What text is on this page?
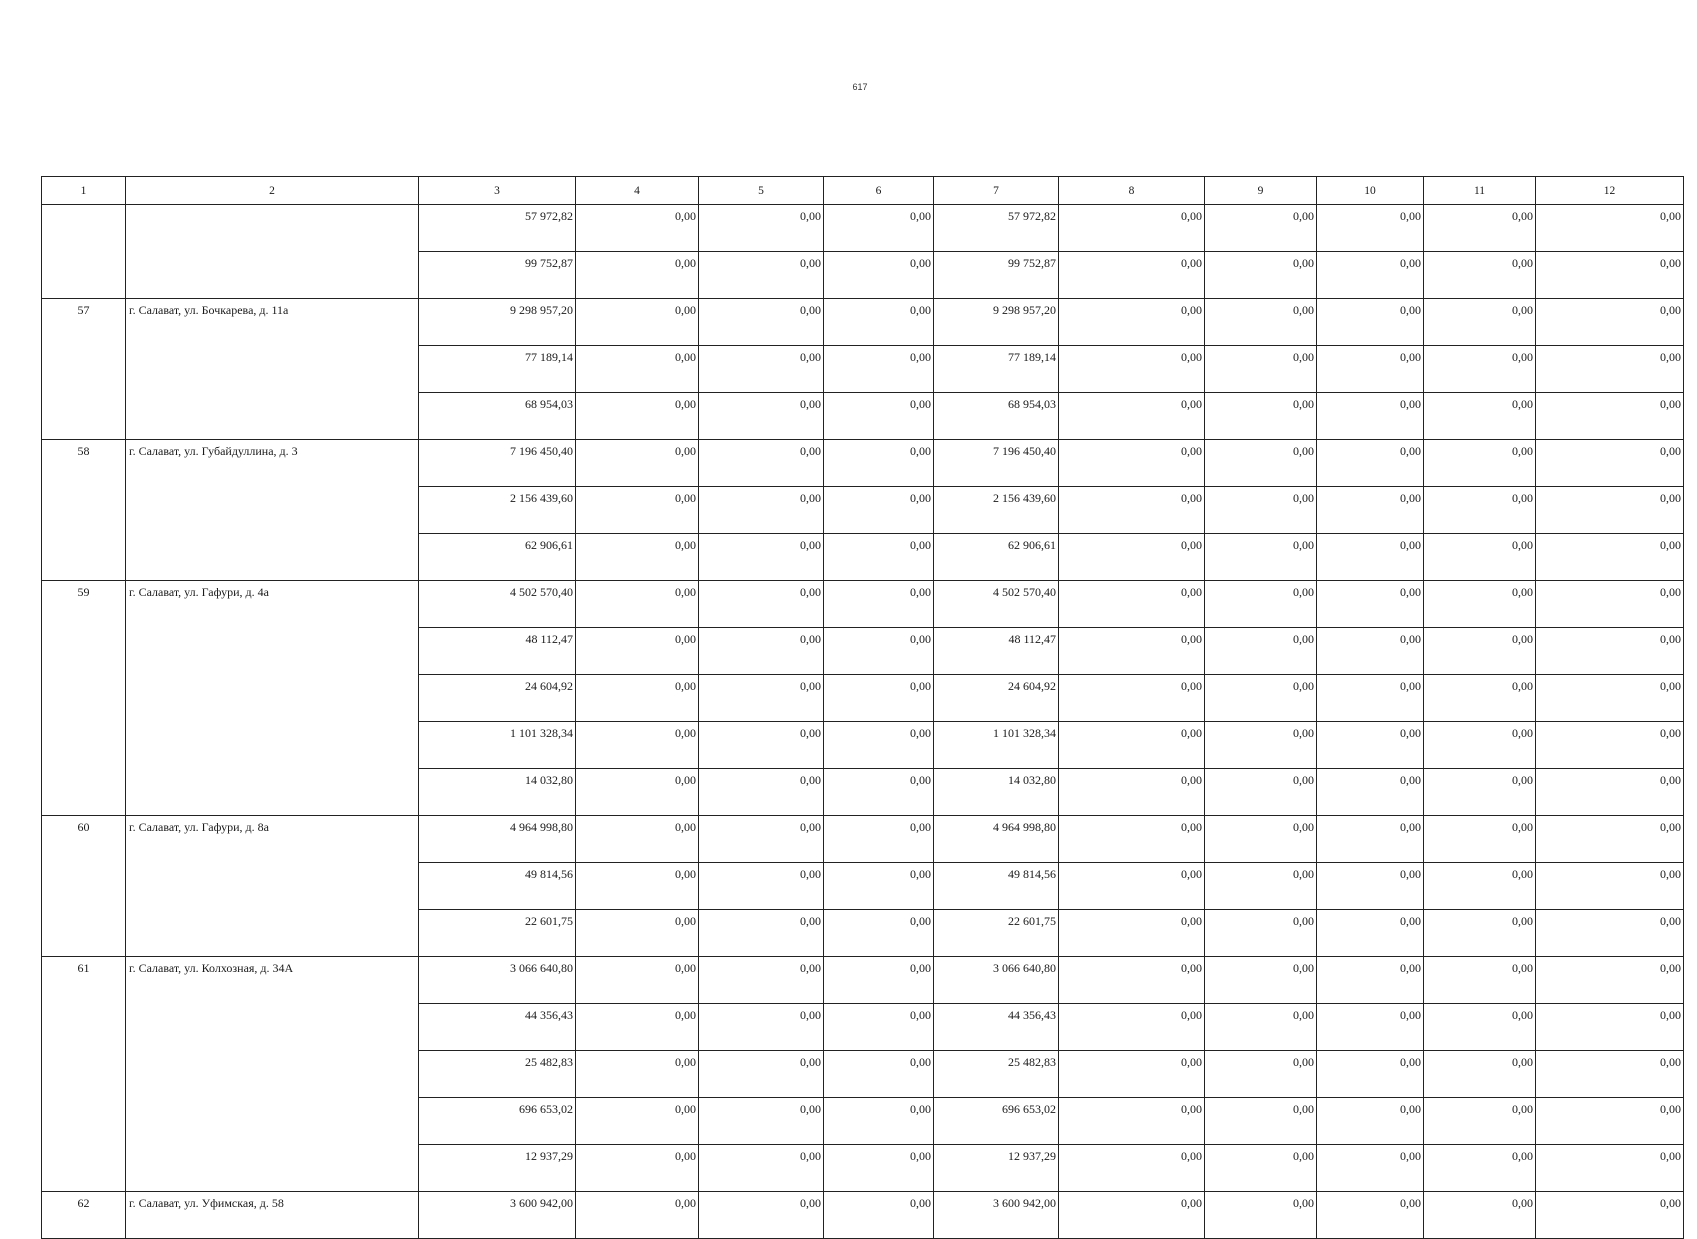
617
1	2	3	4	5	6	7	8	9	10	11	12
		57 972,82	0,00	0,00	0,00	57 972,82	0,00	0,00	0,00	0,00	0,00
		99 752,87	0,00	0,00	0,00	99 752,87	0,00	0,00	0,00	0,00	0,00
57	г. Салават, ул. Бочкарева, д. 11а	9 298 957,20	0,00	0,00	0,00	9 298 957,20	0,00	0,00	0,00	0,00	0,00
		77 189,14	0,00	0,00	0,00	77 189,14	0,00	0,00	0,00	0,00	0,00
		68 954,03	0,00	0,00	0,00	68 954,03	0,00	0,00	0,00	0,00	0,00
58	г. Салават, ул. Губайдуллина, д. 3	7 196 450,40	0,00	0,00	0,00	7 196 450,40	0,00	0,00	0,00	0,00	0,00
		2 156 439,60	0,00	0,00	0,00	2 156 439,60	0,00	0,00	0,00	0,00	0,00
		62 906,61	0,00	0,00	0,00	62 906,61	0,00	0,00	0,00	0,00	0,00
59	г. Салават, ул. Гафури, д. 4а	4 502 570,40	0,00	0,00	0,00	4 502 570,40	0,00	0,00	0,00	0,00	0,00
		48 112,47	0,00	0,00	0,00	48 112,47	0,00	0,00	0,00	0,00	0,00
		24 604,92	0,00	0,00	0,00	24 604,92	0,00	0,00	0,00	0,00	0,00
		1 101 328,34	0,00	0,00	0,00	1 101 328,34	0,00	0,00	0,00	0,00	0,00
		14 032,80	0,00	0,00	0,00	14 032,80	0,00	0,00	0,00	0,00	0,00
60	г. Салават, ул. Гафури, д. 8а	4 964 998,80	0,00	0,00	0,00	4 964 998,80	0,00	0,00	0,00	0,00	0,00
		49 814,56	0,00	0,00	0,00	49 814,56	0,00	0,00	0,00	0,00	0,00
		22 601,75	0,00	0,00	0,00	22 601,75	0,00	0,00	0,00	0,00	0,00
61	г. Салават, ул. Колхозная, д. 34А	3 066 640,80	0,00	0,00	0,00	3 066 640,80	0,00	0,00	0,00	0,00	0,00
		44 356,43	0,00	0,00	0,00	44 356,43	0,00	0,00	0,00	0,00	0,00
		25 482,83	0,00	0,00	0,00	25 482,83	0,00	0,00	0,00	0,00	0,00
		696 653,02	0,00	0,00	0,00	696 653,02	0,00	0,00	0,00	0,00	0,00
		12 937,29	0,00	0,00	0,00	12 937,29	0,00	0,00	0,00	0,00	0,00
62	г. Салават, ул. Уфимская, д. 58	3 600 942,00	0,00	0,00	0,00	3 600 942,00	0,00	0,00	0,00	0,00	0,00
